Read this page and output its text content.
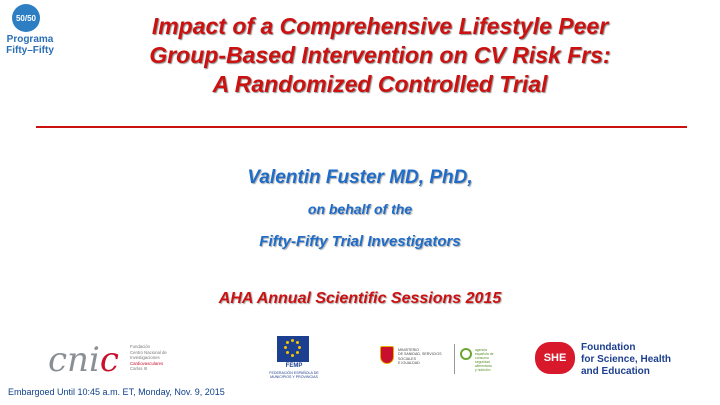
50/50
Programa
Fifty–Fifty
Impact of a Comprehensive Lifestyle Peer
Group-Based Intervention on CV Risk Frs:
A Randomized Controlled Trial
Valentin Fuster MD, PhD,
on behalf of the
Fifty-Fifty Trial Investigators
AHA Annual Scientific Sessions 2015
cnic	Fundación
Centro Nacional de
Investigaciones
Cardiovasculares
Carlos III	FEMP
FEDERACIÓN ESPAÑOLA DE
MUNICIPIOS Y PROVINCIAS
MINISTERIO
DE SANIDAD, SERVICIOS SOCIALES
E IGUALDAD
agencia
española de
consumo
seguridad
alimentaria
y nutrición
SHE
Foundation
for Science, Health
and Education
Embargoed Until 10:45 a.m. ET, Monday, Nov. 9, 2015
